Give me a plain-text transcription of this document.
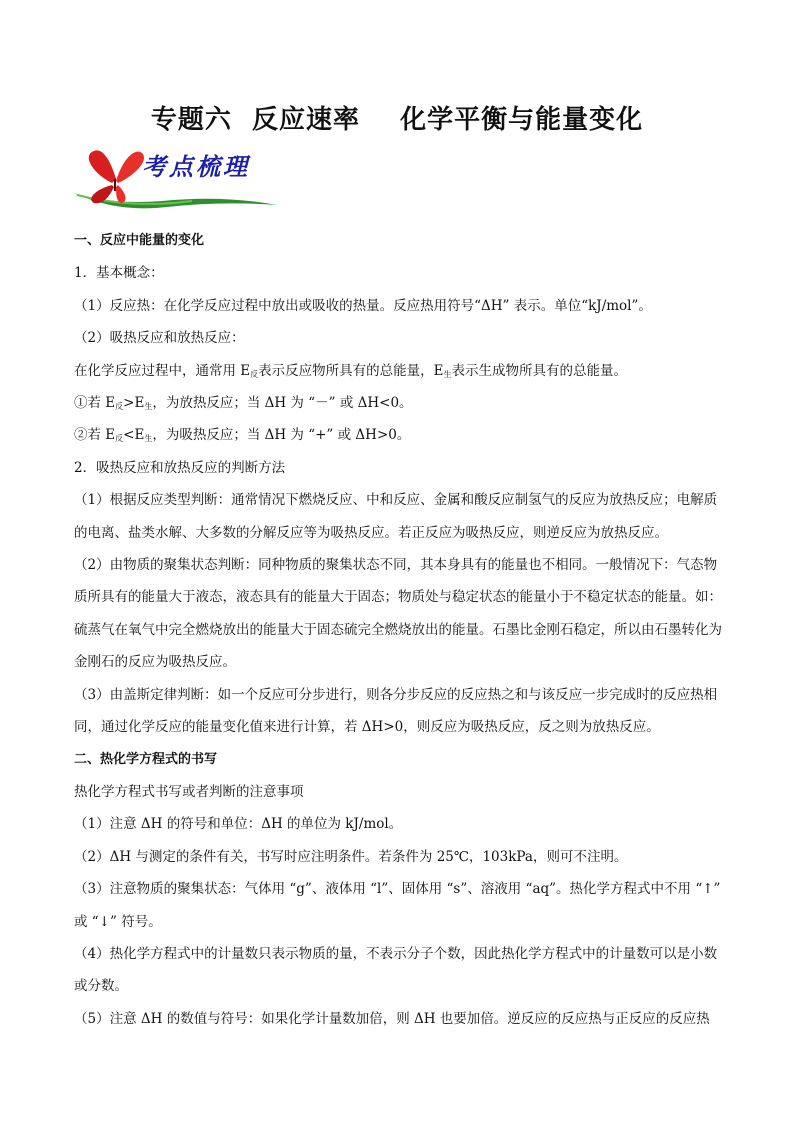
专题六  反应速率    化学平衡与能量变化
考点梳理

一、反应中能量的变化

1．基本概念：

（1）反应热：在化学反应过程中放出或吸收的热量。反应热用符号“ΔH” 表示。单位“kJ/mol”。

（2）吸热反应和放热反应：

在化学反应过程中，通常用 $E_反$表示反应物所具有的总能量，$E_生$表示生成物所具有的总能量。

①若 $E_反>E_生$，为放热反应；当 ΔH 为 “－” 或 ΔH<0。

②若 $E_反<E_生$，为吸热反应；当 ΔH 为 “+” 或 ΔH>0。

2．吸热反应和放热反应的判断方法

（1）根据反应类型判断：通常情况下燃烧反应、中和反应、金属和酸反应制氢气的反应为放热反应；电解质的电离、盐类水解、大多数的分解反应等为吸热反应。若正反应为吸热反应，则逆反应为放热反应。

（2）由物质的聚集状态判断：同种物质的聚集状态不同，其本身具有的能量也不相同。一般情况下：气态物质所具有的能量大于液态，液态具有的能量大于固态；物质处与稳定状态的能量小于不稳定状态的能量。如：硫蒸气在氧气中完全燃烧放出的能量大于固态硫完全燃烧放出的能量。石墨比金刚石稳定，所以由石墨转化为金刚石的反应为吸热反应。

（3）由盖斯定律判断：如一个反应可分步进行，则各分步反应的反应热之和与该反应一步完成时的反应热相同，通过化学反应的能量变化值来进行计算，若 ΔH>0，则反应为吸热反应，反之则为放热反应。

二、热化学方程式的书写

热化学方程式书写或者判断的注意事项

（1）注意 ΔH 的符号和单位：ΔH 的单位为 kJ/mol。

（2）ΔH 与测定的条件有关，书写时应注明条件。若条件为 25℃，103kPa，则可不注明。

（3）注意物质的聚集状态：气体用 “g”、液体用 “l”、固体用 “s”、溶液用 “aq”。热化学方程式中不用 “↑” 或 “↓” 符号。

（4）热化学方程式中的计量数只表示物质的量，不表示分子个数，因此热化学方程式中的计量数可以是小数或分数。

（5）注意 ΔH 的数值与符号：如果化学计量数加倍，则 ΔH 也要加倍。逆反应的反应热与正反应的反应热
